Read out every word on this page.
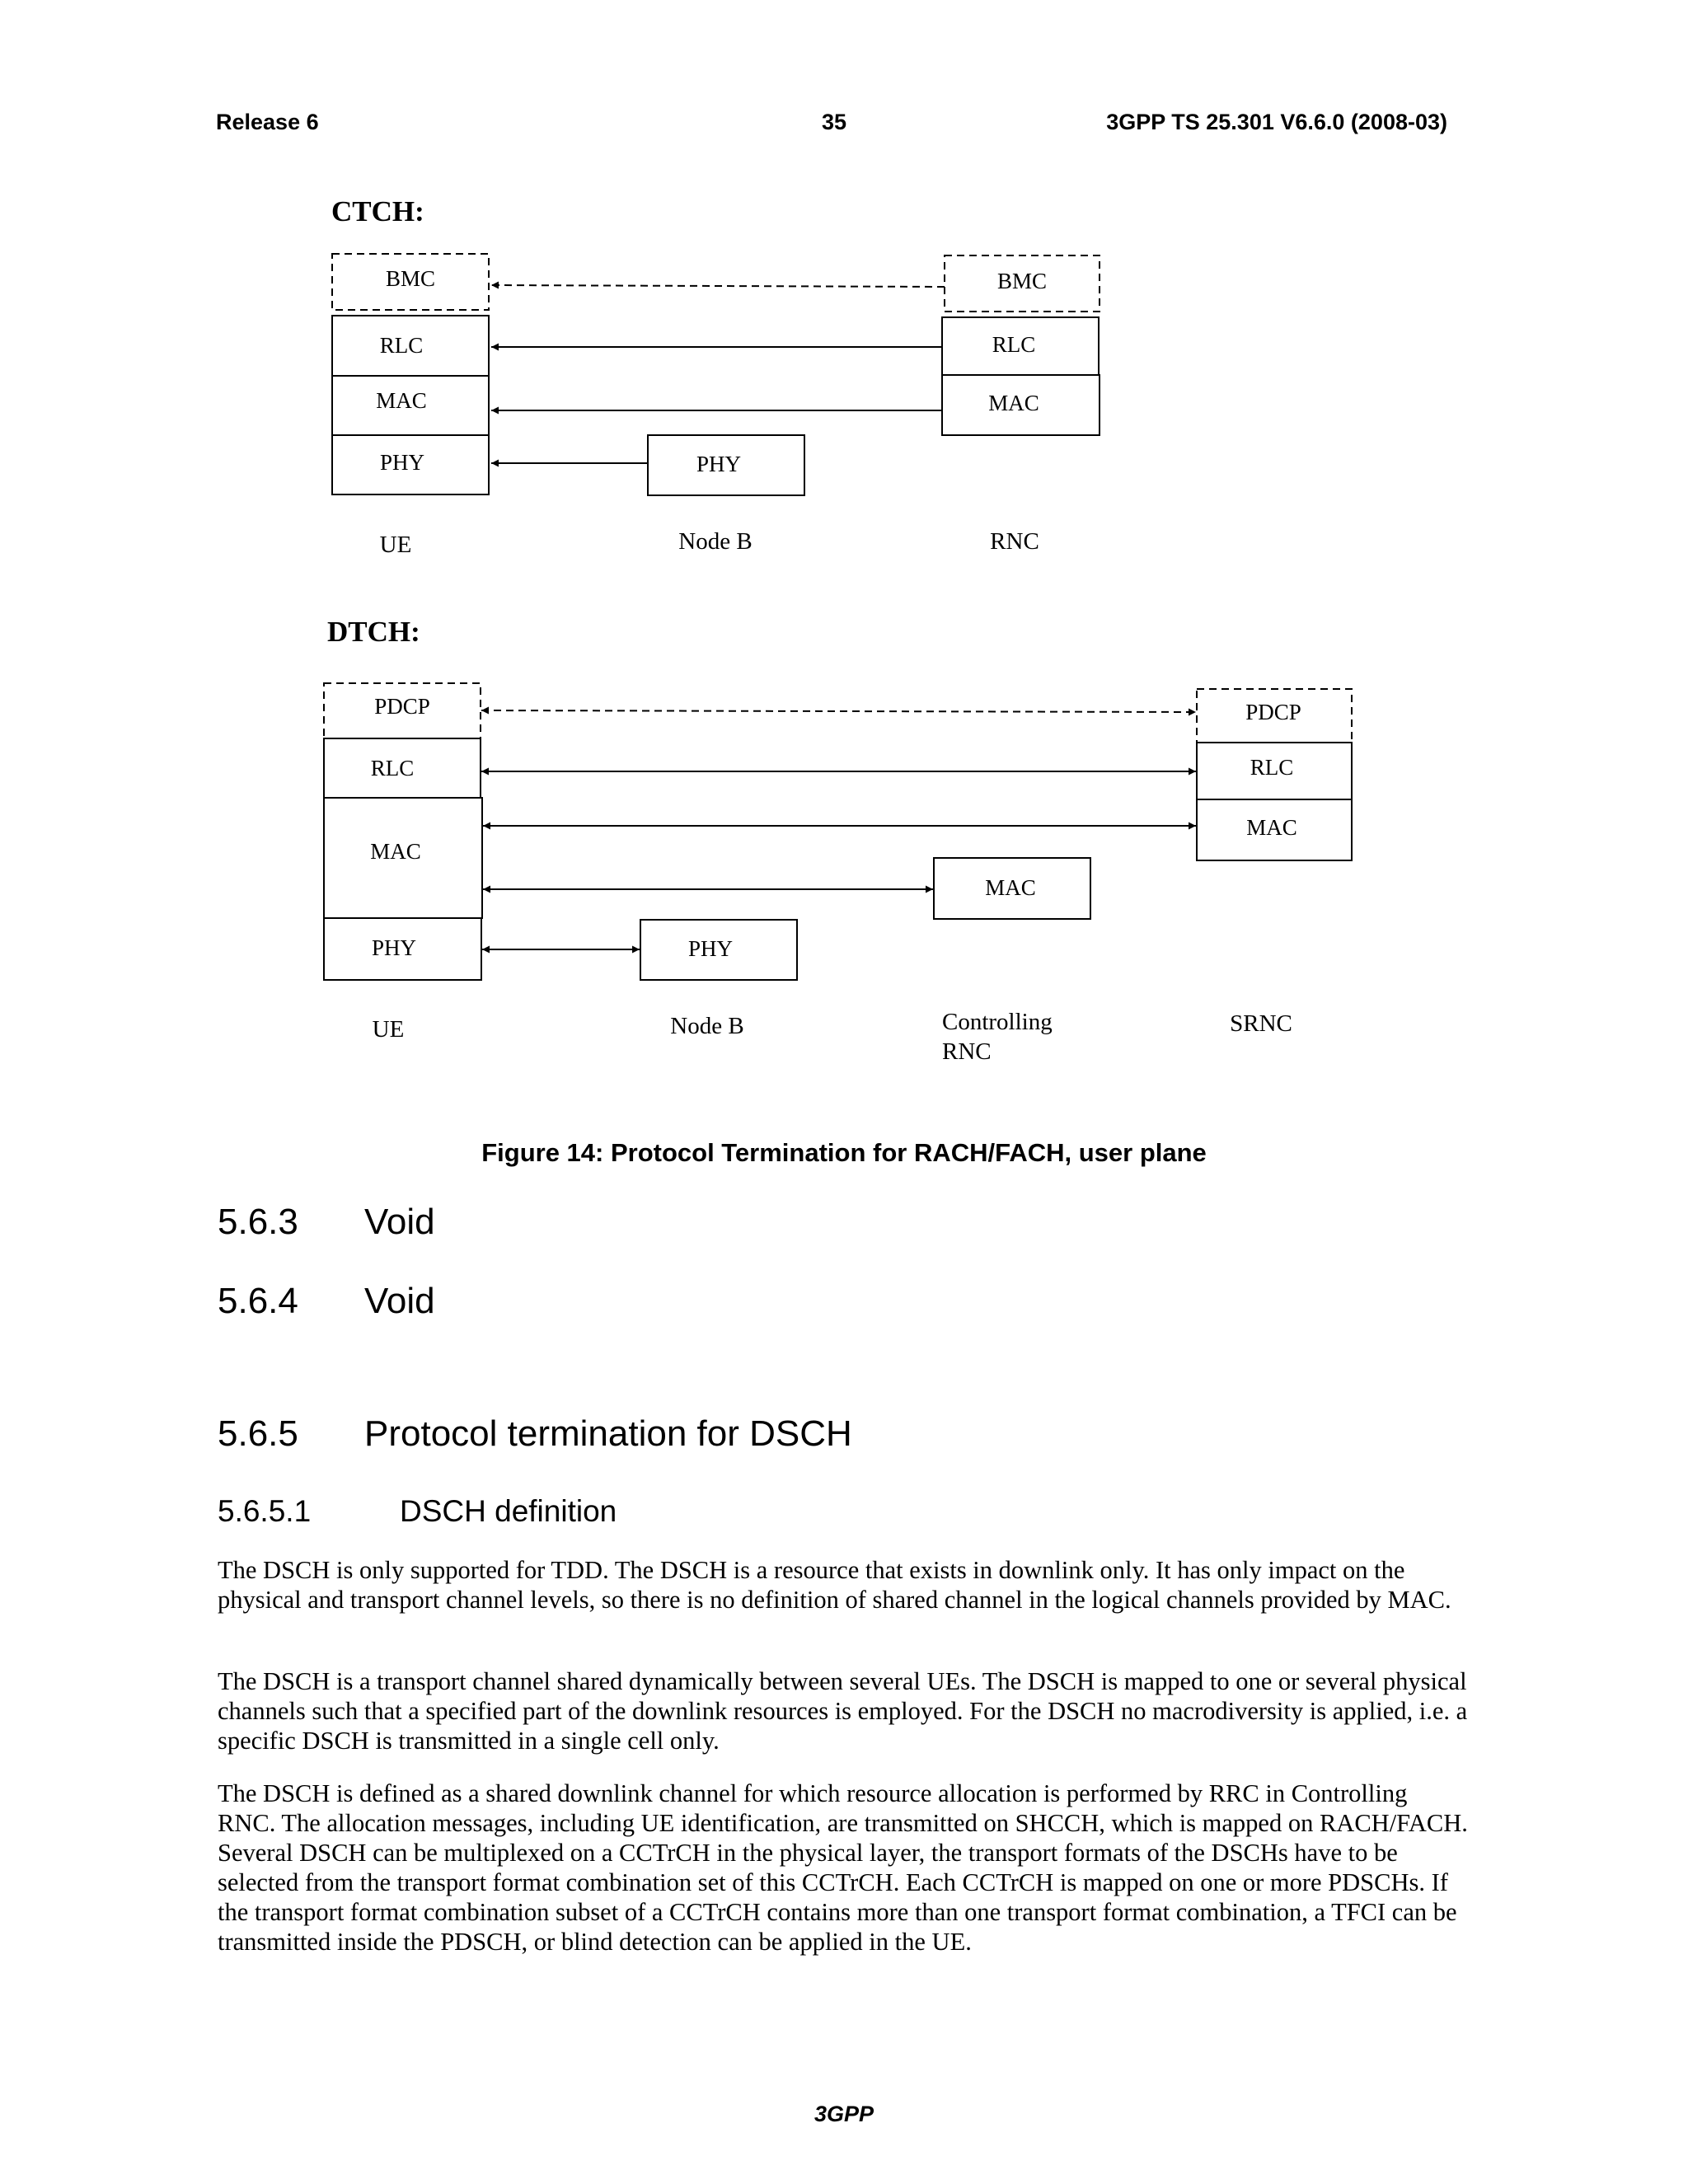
Release 6	35	3GPP TS 25.301 V6.6.0 (2008-03)
CTCH:
BMC
RLC
MAC
PHY	PHY
BMC
RLC
MAC
UE	Node B	RNC
DTCH:
PDCP
RLC
MAC
PHY	PHY
MAC
PDCP
RLC
MAC
UE	Node B	Controlling
RNC
SRNC
Figure 14: Protocol Termination for RACH/FACH, user plane
5.6.3 Void
5.6.4 Void
5.6.5 Protocol termination for DSCH
5.6.5.1	DSCH definition

The DSCH is only supported for TDD. The DSCH is a resource that exists in downlink only. It has only impact on the physical and transport channel levels, so there is no definition of shared channel in the logical channels provided by MAC.

The DSCH is a transport channel shared dynamically between several UEs. The DSCH is mapped to one or several physical channels such that a specified part of the downlink resources is employed. For the DSCH no macrodiversity is applied, i.e. a specific DSCH is transmitted in a single cell only.

The DSCH is defined as a shared downlink channel for which resource allocation is performed by RRC in Controlling RNC. The allocation messages, including UE identification, are transmitted on SHCCH, which is mapped on RACH/FACH. Several DSCH can be multiplexed on a CCTrCH in the physical layer, the transport formats of the DSCHs have to be selected from the transport format combination set of this CCTrCH. Each CCTrCH is mapped on one or more PDSCHs. If the transport format combination subset of a CCTrCH contains more than one transport format combination, a TFCI can be transmitted inside the PDSCH, or blind detection can be applied in the UE.

3GPP
